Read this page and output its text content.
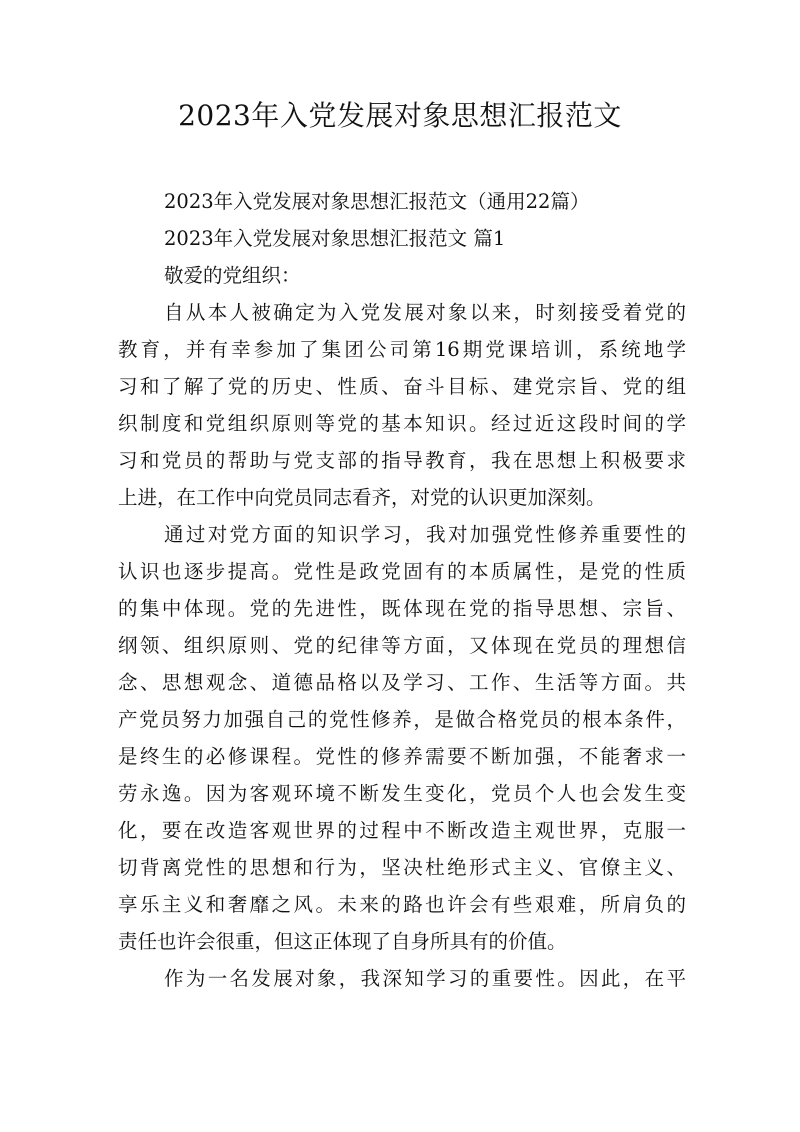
2023年入党发展对象思想汇报范文
2023年入党发展对象思想汇报范文（通用22篇）
2023年入党发展对象思想汇报范文 篇1
敬爱的党组织：
自从本人被确定为入党发展对象以来，时刻接受着党的
教育，并有幸参加了集团公司第16期党课培训，系统地学
习和了解了党的历史、性质、奋斗目标、建党宗旨、党的组
织制度和党组织原则等党的基本知识。经过近这段时间的学
习和党员的帮助与党支部的指导教育，我在思想上积极要求
上进，在工作中向党员同志看齐，对党的认识更加深刻。
通过对党方面的知识学习，我对加强党性修养重要性的
认识也逐步提高。党性是政党固有的本质属性，是党的性质
的集中体现。党的先进性，既体现在党的指导思想、宗旨、
纲领、组织原则、党的纪律等方面，又体现在党员的理想信
念、思想观念、道德品格以及学习、工作、生活等方面。共
产党员努力加强自己的党性修养，是做合格党员的根本条件，
是终生的必修课程。党性的修养需要不断加强，不能奢求一
劳永逸。因为客观环境不断发生变化，党员个人也会发生变
化，要在改造客观世界的过程中不断改造主观世界，克服一
切背离党性的思想和行为，坚决杜绝形式主义、官僚主义、
享乐主义和奢靡之风。未来的路也许会有些艰难，所肩负的
责任也许会很重，但这正体现了自身所具有的价值。
作为一名发展对象，我深知学习的重要性。因此，在平
